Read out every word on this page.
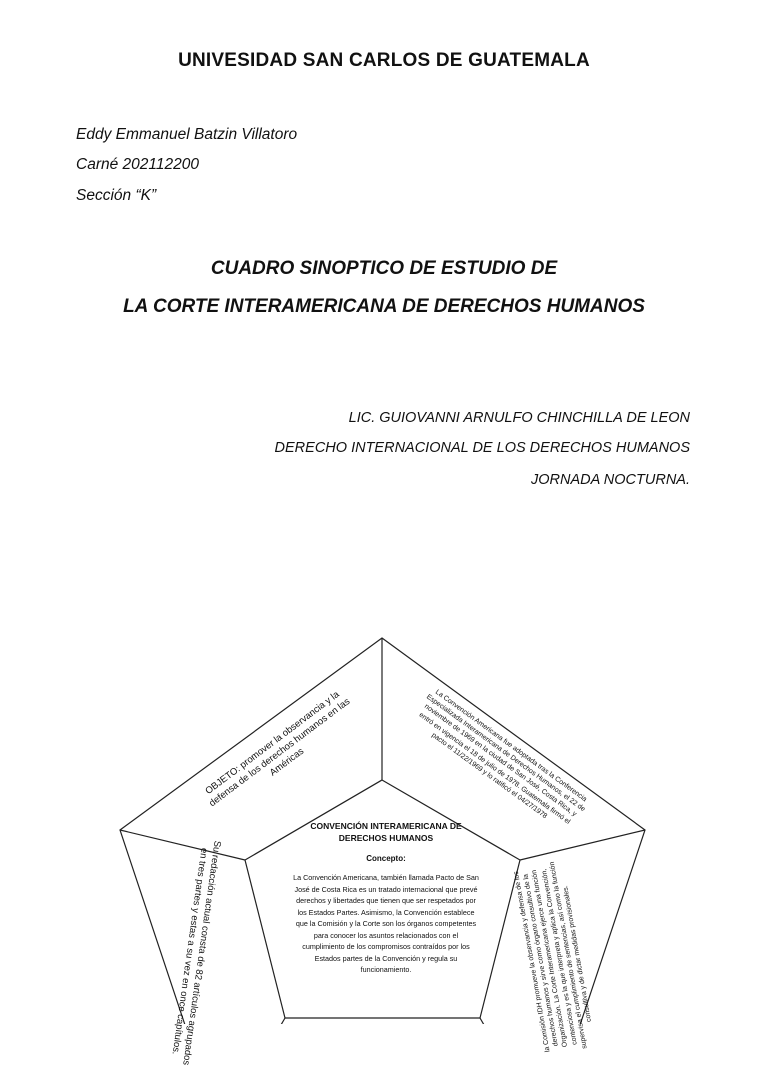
UNIVESIDAD SAN CARLOS DE GUATEMALA
Eddy Emmanuel Batzin Villatoro
Carné 202112200
Sección “K”
CUADRO SINOPTICO DE ESTUDIO DE
LA CORTE INTERAMERICANA DE DERECHOS HUMANOS
LIC. GUIOVANNI ARNULFO CHINCHILLA DE LEON
DERECHO INTERNACIONAL DE LOS DERECHOS HUMANOS
JORNADA NOCTURNA.
CONVENCIÓN INTERAMERICANA DE DERECHOS HUMANOS
Concepto:
La Convención Americana, también llamada Pacto de San José de Costa Rica es un tratado internacional que prevé derechos y libertades que tienen que ser respetados por los Estados Partes. Asimismo, la Convención establece que la Comisión y la Corte son los órganos competentes para conocer los asuntos relacionados con el cumplimiento de los compromisos contraídos por los Estados partes de la Convención y regula su funcionamiento.
OBJETO: promover la observancia y la defensa de los derechos humanos en las Américas	La Convención Americana fue adoptada tras la Conferencia Especializada Interamericana de Derechos Humanos, el 22 de noviembre de 1969 en la ciudad de San José, Costa Rica, y entró en vigencia el 18 de julio de 1978. Guatemala firmó el pacto el 11/22/1969 y lo ratificó el 04/27/1978
Su redacción actual consta de 82 artículos agrupados en tres partes y estas a su vez en once capítulos.	la Comisión IDH promueve la observancia y defensa de los derechos humanos y sirve como órgano consultivo de la Organización. La Corte Interamericana ejerce una función contenciosa y es la que interpreta y aplica la Convención, supervisa el cumplimiento de sentencias, así como la función consultiva y de dictar medidas provisionales.
